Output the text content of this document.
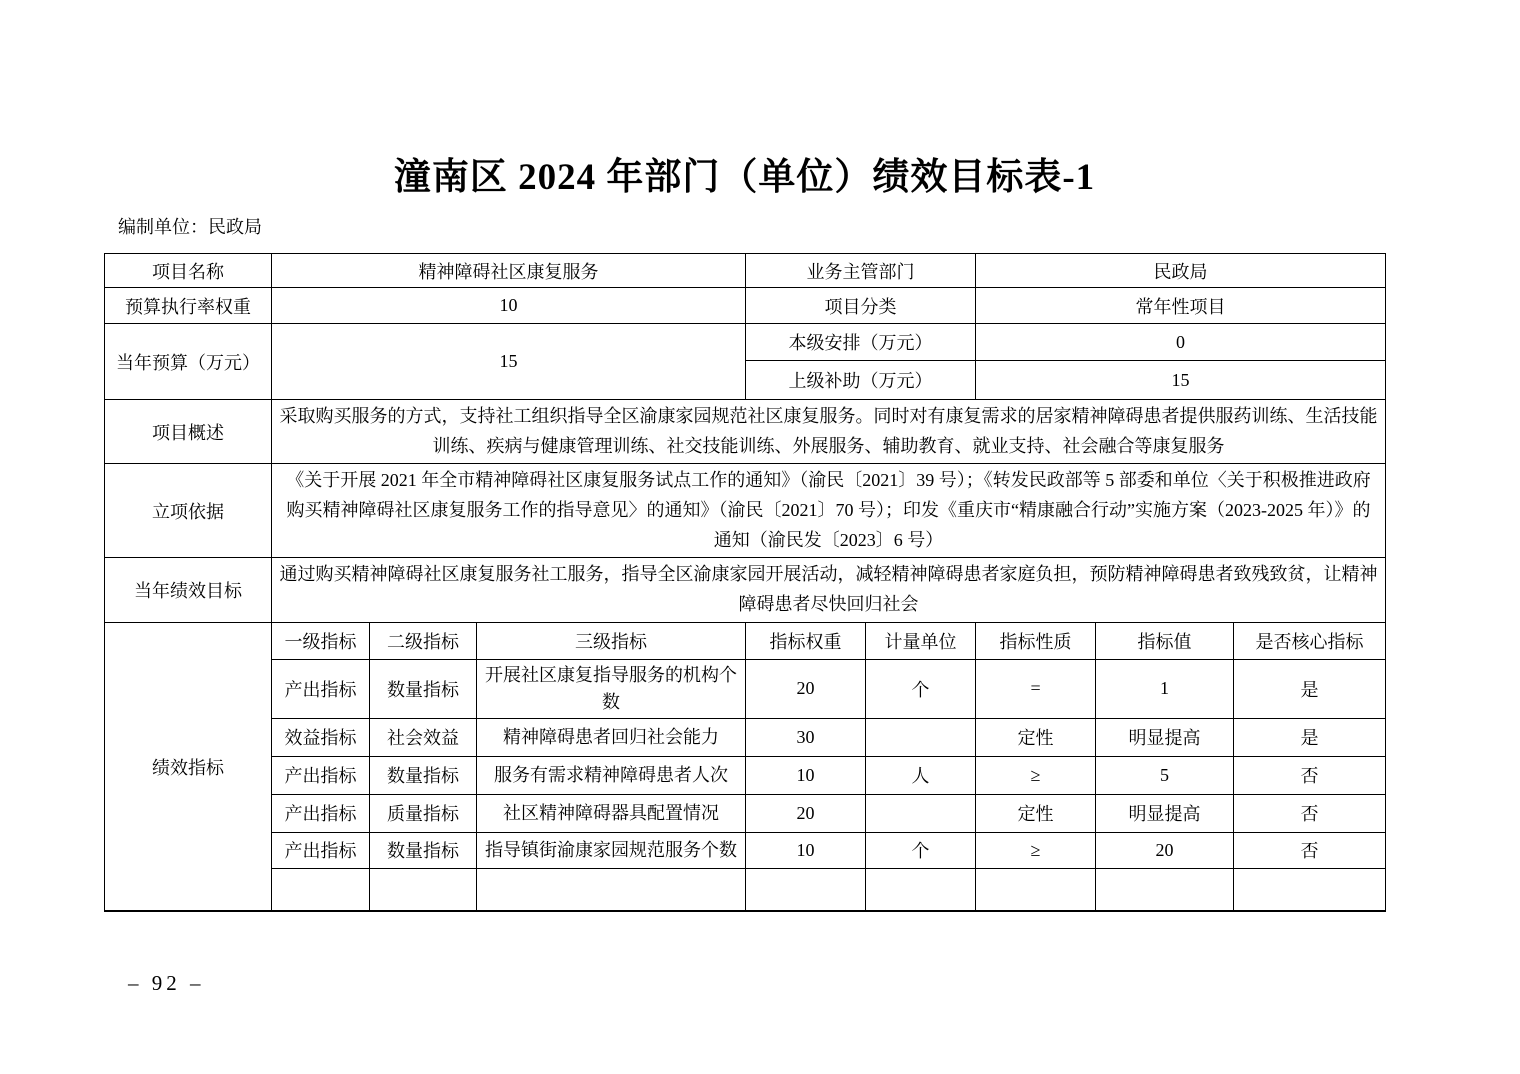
潼南区 2024 年部门（单位）绩效目标表-1
编制单位：民政局
项目名称	精神障碍社区康复服务			业务主管部门		民政局		
预算执行率权重	10			项目分类		常年性项目		
当年预算（万元）	15			本级安排（万元）		0		
				上级补助（万元）		15		
项目概述	采取购买服务的方式，支持社工组织指导全区渝康家园规范社区康复服务。同时对有康复需求的居家精神障碍患者提供服药训练、生活技能训练、疾病与健康管理训练、社交技能训练、外展服务、辅助教育、就业支持、社会融合等康复服务							
立项依据	《关于开展 2021 年全市精神障碍社区康复服务试点工作的通知》（渝民〔2021〕39 号）；《转发民政部等 5 部委和单位〈关于积极推进政府购买精神障碍社区康复服务工作的指导意见〉的通知》（渝民〔2021〕70 号）；印发《重庆市“精康融合行动”实施方案（2023-2025 年）》的通知（渝民发〔2023〕6 号）							
当年绩效目标	通过购买精神障碍社区康复服务社工服务，指导全区渝康家园开展活动，减轻精神障碍患者家庭负担，预防精神障碍患者致残致贫，让精神障碍患者尽快回归社会							
绩效指标	一级指标	二级指标	三级指标	指标权重	计量单位	指标性质	指标值	是否核心指标
	产出指标	数量指标	开展社区康复指导服务的机构个数	20	个	=	1	是
	效益指标	社会效益	精神障碍患者回归社会能力	30		定性	明显提高	是
	产出指标	数量指标	服务有需求精神障碍患者人次	10	人	≥	5	否
	产出指标	质量指标	社区精神障碍器具配置情况	20		定性	明显提高	否
	产出指标	数量指标	指导镇街渝康家园规范服务个数	10	个	≥	20	否

– 92 –
